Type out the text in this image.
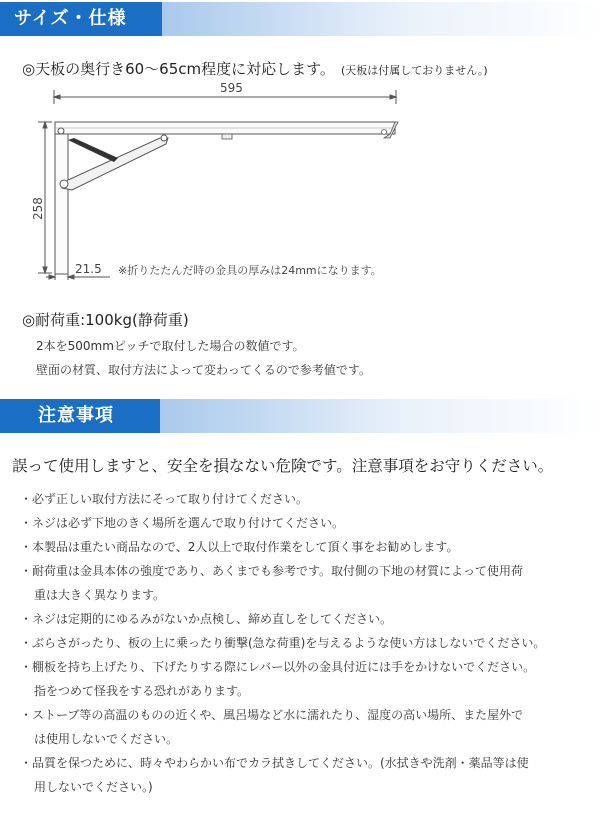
サイズ・仕様
◎天板の奥行き60〜65cm程度に対応します。 (天板は付属しておりません。)
595
258
21.5 ※折りたたんだ時の金具の厚みは24mmになります。
◎耐荷重:100kg(静荷重)
2本を500mmピッチで取付した場合の数値です。
壁面の材質、取付方法によって変わってくるので参考値です。
注意事項
誤って使用しますと、安全を損なない危険です。注意事項をお守りください。
・必ず正しい取付方法にそって取り付けてください。
・ネジは必ず下地のきく場所を選んで取り付けてください。
・本製品は重たい商品なので、2人以上で取付作業をして頂く事をお勧めします。
・耐荷重は金具本体の強度であり、あくまでも参考です。取付側の下地の材質によって使用荷
重は大きく異なります。
・ネジは定期的にゆるみがないか点検し、締め直しをしてください。
・ぶらさがったり、板の上に乗ったり衝撃(急な荷重)を与えるような使い方はしないでください。
・棚板を持ち上げたり、下げたりする際にレバー以外の金具付近には手をかけないでください。
指をつめて怪我をする恐れがあります。
・ストーブ等の高温のものの近くや、風呂場など水に濡れたり、湿度の高い場所、また屋外で
は使用しないでください。
・品質を保つために、時々やわらかい布でカラ拭きしてください。(水拭きや洗剤・薬品等は使
用しないでください。)
